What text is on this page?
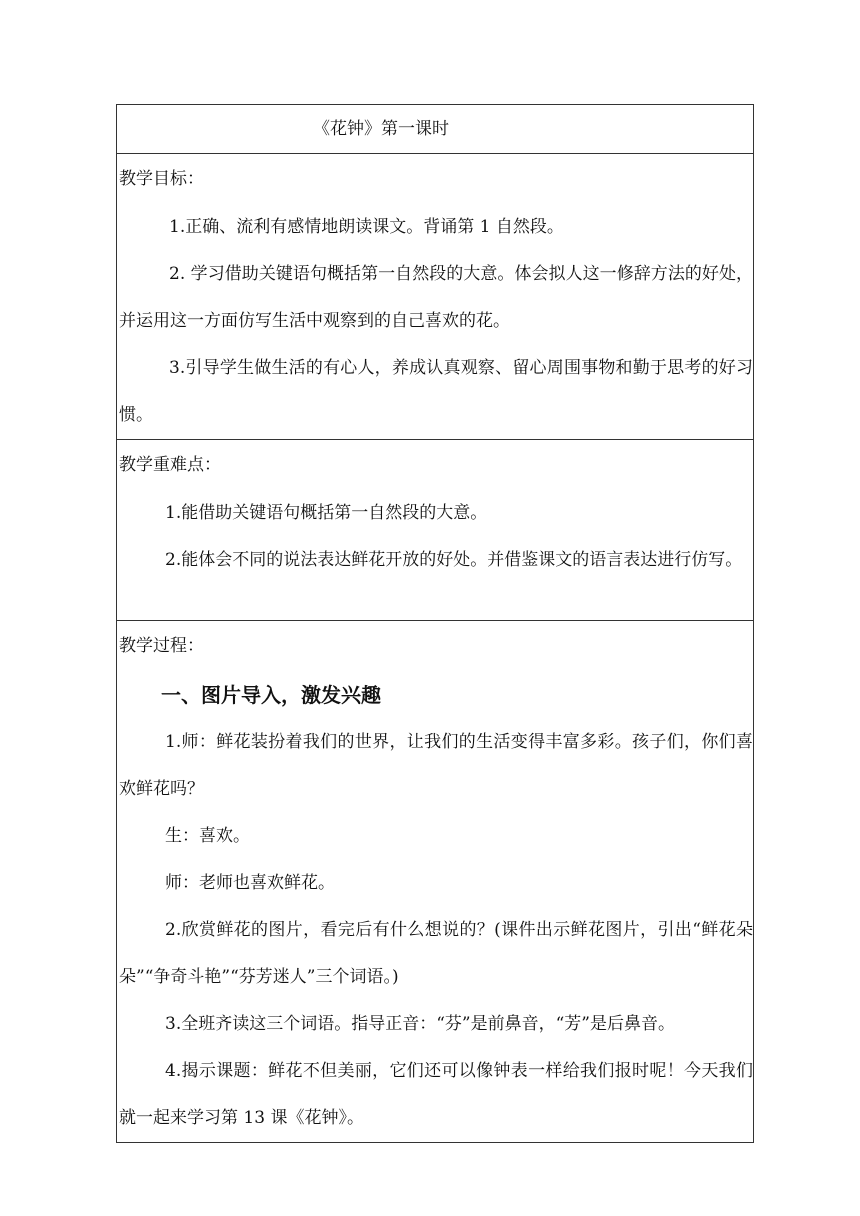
《花钟》第一课时

教学目标：

1.正确、流利有感情地朗读课文。背诵第 1 自然段。

2. 学习借助关键语句概括第一自然段的大意。体会拟人这一修辞方法的好处，并运用这一方面仿写生活中观察到的自己喜欢的花。

3.引导学生做生活的有心人，养成认真观察、留心周围事物和勤于思考的好习惯。

教学重难点：

1.能借助关键语句概括第一自然段的大意。

2.能体会不同的说法表达鲜花开放的好处。并借鉴课文的语言表达进行仿写。

教学过程：
一、图片导入，激发兴趣

1.师：鲜花装扮着我们的世界，让我们的生活变得丰富多彩。孩子们，你们喜欢鲜花吗？

生：喜欢。

师：老师也喜欢鲜花。

2.欣赏鲜花的图片，看完后有什么想说的？(课件出示鲜花图片，引出“鲜花朵朵”“争奇斗艳”“芬芳迷人”三个词语。)

3.全班齐读这三个词语。指导正音：“芬”是前鼻音，“芳”是后鼻音。

4.揭示课题：鲜花不但美丽，它们还可以像钟表一样给我们报时呢！今天我们就一起来学习第 13 课《花钟》。
